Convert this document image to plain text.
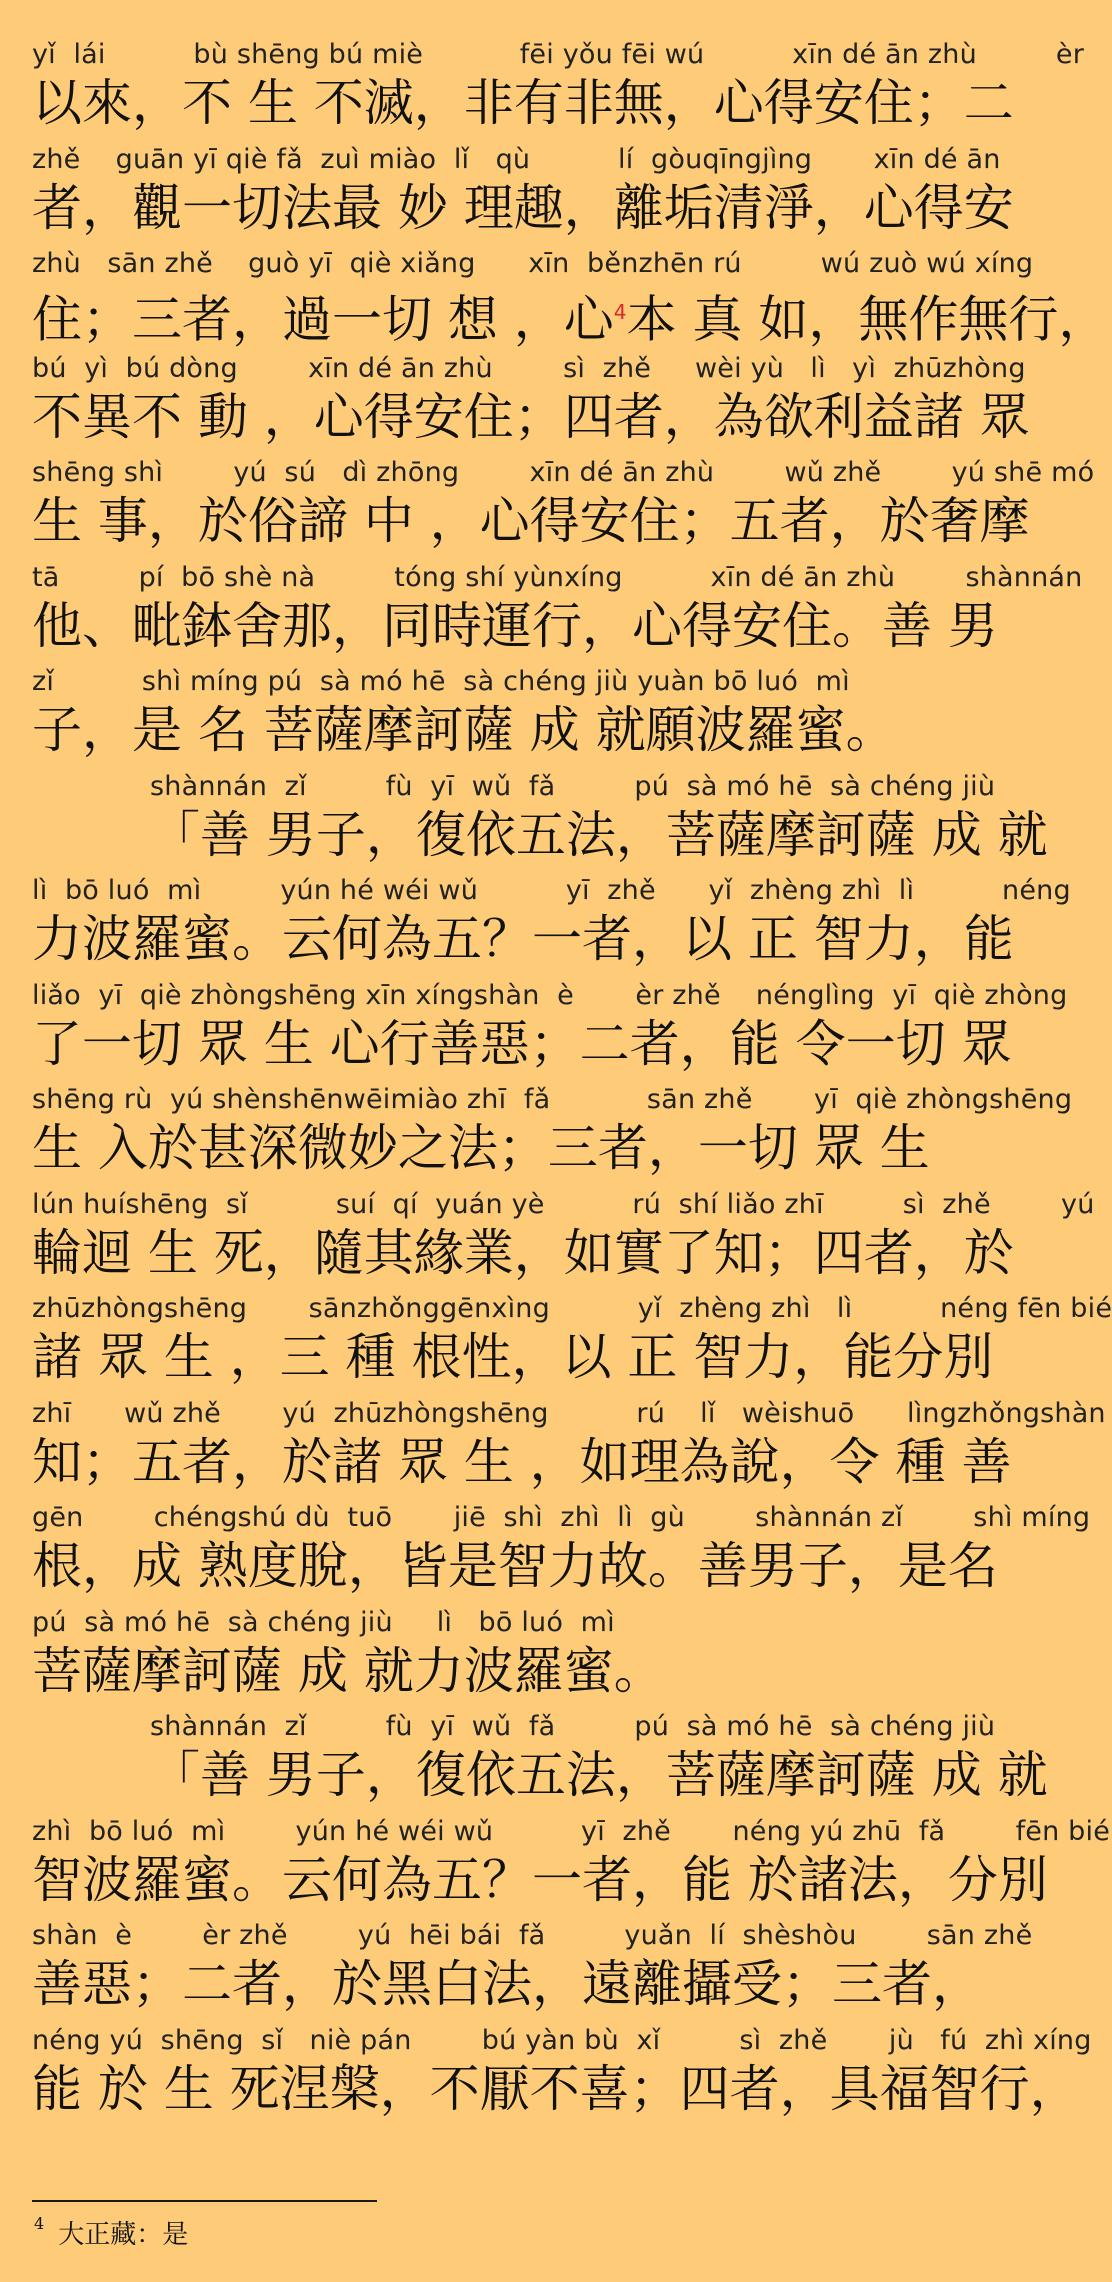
yǐ  lái          bù shēng bú miè           fēi yǒu fēi wú          xīn dé ān zhù         èr
以來，不 生 不滅，非有非無，心得安住；二
zhě    guān yī qiè fǎ  zuì miào  lǐ   qù          lí  gòuqīngjìng       xīn dé ān
者，觀一切法最 妙 理趣，離垢清淨，心得安
zhù   sān zhě    guò yī  qiè xiǎng      xīn  běnzhēn rú         wú zuò wú xíng
住；三者，過一切 想 ，心$^4$本 真 如，無作無行，
bú  yì  bú dòng        xīn dé ān zhù        sì  zhě     wèi yù   lì   yì  zhūzhòng
不異不 動 ，心得安住；四者，為欲利益諸 眾
shēng shì        yú  sú   dì zhōng        xīn dé ān zhù        wǔ zhě        yú shē mó
生 事，於俗諦 中 ，心得安住；五者，於奢摩
tā         pí  bō shè nà         tóng shí yùnxíng          xīn dé ān zhù        shànnán
他、毗鉢舍那，同時運行，心得安住。善 男
zǐ          shì míng pú  sà mó hē  sà chéng jiù yuàn bō luó  mì
子，是 名 菩薩摩訶薩 成 就願波羅蜜。
shànnán  zǐ         fù  yī  wǔ  fǎ         pú  sà mó hē  sà chéng jiù
「善 男子，復依五法，菩薩摩訶薩 成 就
lì  bō luó  mì         yún hé wéi wǔ          yī  zhě      yǐ  zhèng zhì  lì          néng
力波羅蜜。云何為五？一者，以 正 智力，能
liǎo  yī  qiè zhòngshēng xīn xíngshàn  è       èr zhě    nénglìng  yī  qiè zhòng
了一切 眾 生 心行善惡；二者，能 令一切 眾
shēng rù  yú shènshēnwēimiào zhī  fǎ           sān zhě       yī  qiè zhòngshēng
生 入於甚深微妙之法；三者，一切 眾 生
lún huíshēng  sǐ          suí  qí  yuán yè          rú  shí liǎo zhī         sì  zhě        yú
輪迴 生 死，隨其緣業，如實了知；四者，於
zhūzhòngshēng       sānzhǒnggēnxìng          yǐ  zhèng zhì   lì          néng fēn bié
諸 眾 生 ，三 種 根性，以 正 智力，能分別
zhī      wǔ zhě       yú  zhūzhòngshēng          rú    lǐ   wèishuō      lìngzhǒngshàn
知；五者，於諸 眾 生 ，如理為說，令 種 善
gēn        chéngshú dù  tuō       jiē  shì  zhì  lì  gù        shànnán zǐ        shì míng
根，成 熟度脫，皆是智力故。善男子，是名
pú  sà mó hē  sà chéng jiù     lì   bō luó  mì
菩薩摩訶薩 成 就力波羅蜜。
shànnán  zǐ         fù  yī  wǔ  fǎ         pú  sà mó hē  sà chéng jiù
「善 男子，復依五法，菩薩摩訶薩 成 就
zhì  bō luó  mì        yún hé wéi wǔ          yī  zhě       néng yú zhū  fǎ        fēn bié
智波羅蜜。云何為五？一者，能 於諸法，分別
shàn  è        èr zhě        yú  hēi bái  fǎ         yuǎn  lí  shèshòu        sān zhě
善惡；二者，於黑白法，遠離攝受；三者，
néng yú  shēng  sǐ   niè pán        bú yàn bù  xǐ         sì  zhě       jù   fú  zhì xíng
能 於 生 死涅槃，不厭不喜；四者，具福智行，
$^4$ 大正藏：是
